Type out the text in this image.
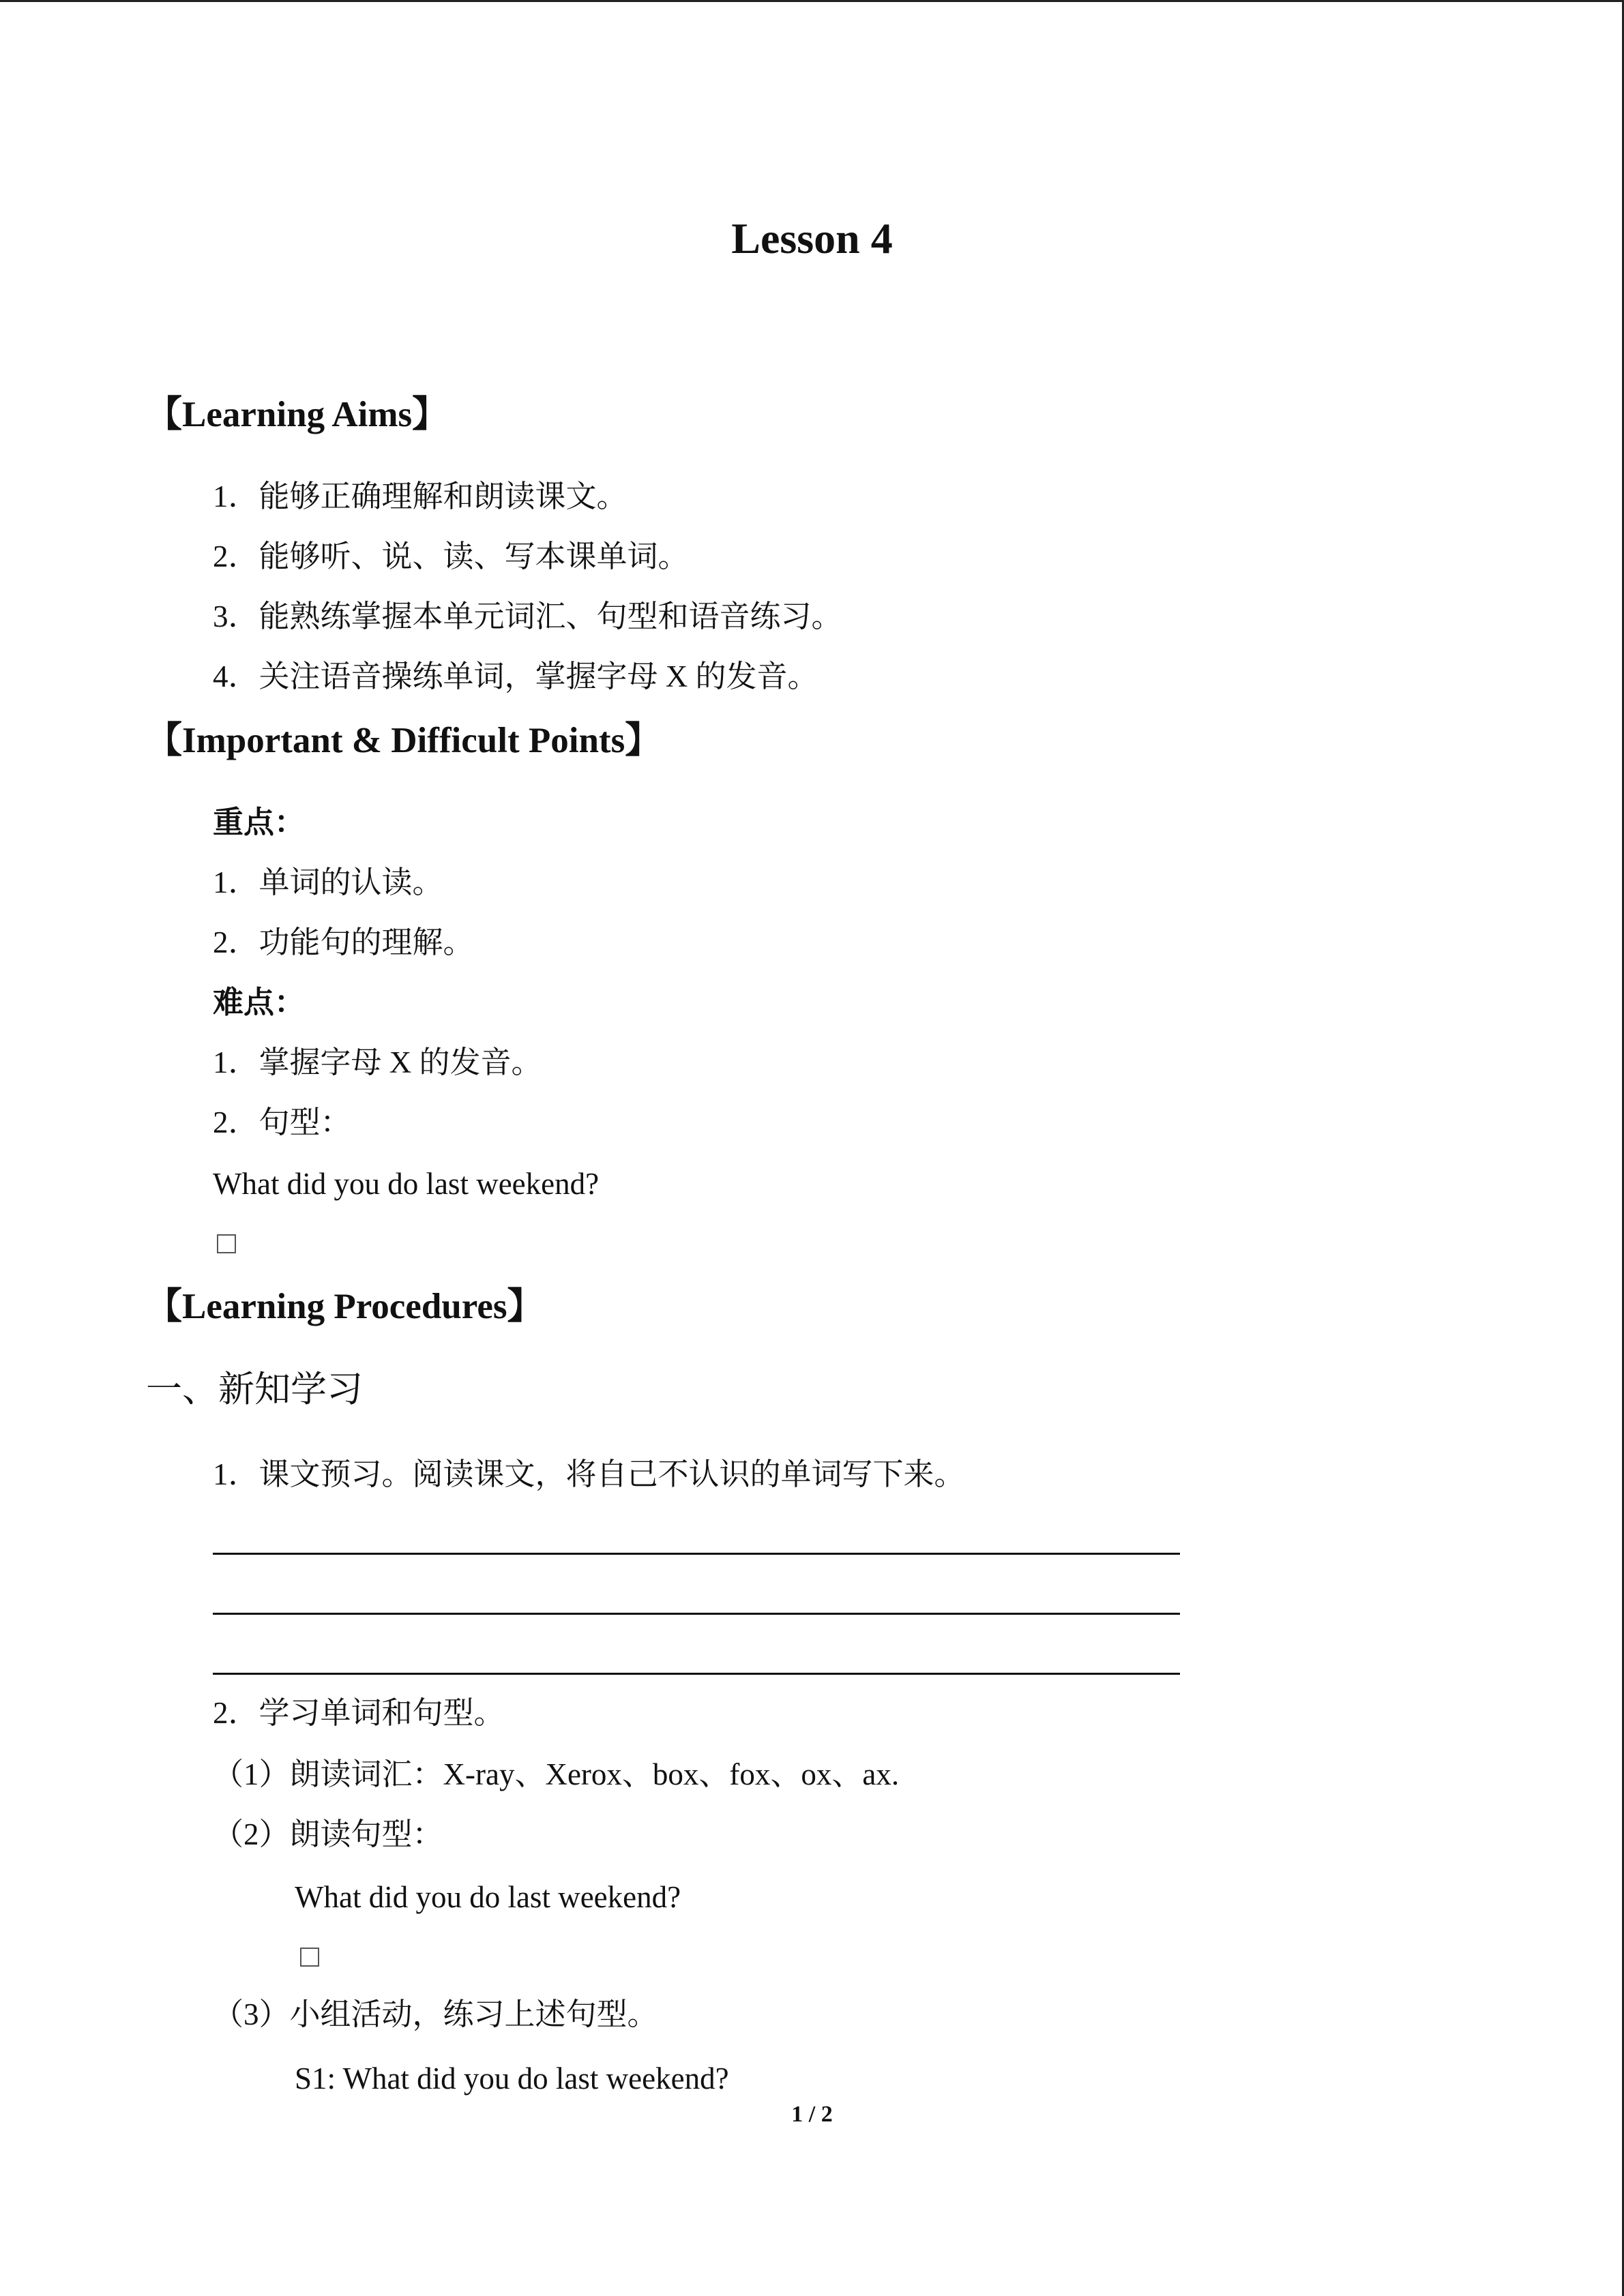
Lesson 4
【Learning Aims】
1．能够正确理解和朗读课文。
2．能够听、说、读、写本课单词。
3．能熟练掌握本单元词汇、句型和语音练习。
4．关注语音操练单词，掌握字母 X 的发音。
【Important & Difficult Points】
重点：
1．单词的认读。
2．功能句的理解。
难点：
1．掌握字母 X 的发音。
2．句型：
What did you do last weekend?
【Learning Procedures】
一、新知学习
1．课文预习。阅读课文，将自己不认识的单词写下来。
2．学习单词和句型。
（1）朗读词汇：X-ray、Xerox、box、fox、ox、ax.
（2）朗读句型：
What did you do last weekend?
（3）小组活动，练习上述句型。
S1: What did you do last weekend?
1 / 2
